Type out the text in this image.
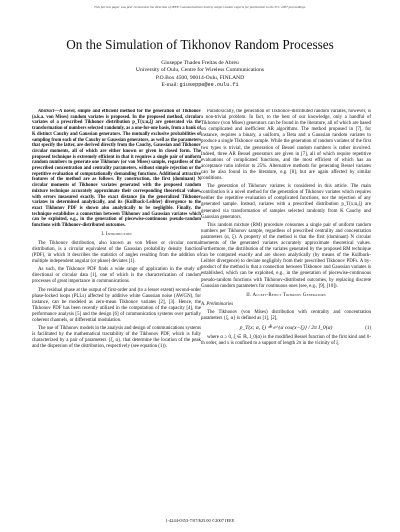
This full text paper was peer reviewed at the direction of IEEE Communications Society subject matter experts for publication in the ICC 2007 proceedings.
On the Simulation of Tikhonov Random Processes
Giuseppe Thadeu Freitas de Abreu
University of Oulu, Centre for Wireless Communications
P.O.Box 4500, 90014-Oulu, FINLAND
E-mail: giuseppe@ee.oulu.fi
Abstract—A novel, simple and efficient method for the generation of Tikhonov (a.k.a. von Mises) random variates is proposed. In the proposed method, circular variates of a prescribed Tikhonov distribution p_T(x;α,ξ) are generated via the transformation of numbers selected randomly, as a one-for-one basis, from a bank of K distinct Cauchy and Gaussian generators. The mutually exclusive probabilities of sampling from each of the Cauchy or Gaussian generators, as well as the parameters that specify the latter, are derived directly from the Cauchy, Gaussian and Tikhonov circular moments, all of which are either known or given in closed form. The proposed technique is extremely efficient in that it requires a single pair of uniform random numbers to generate one Tikhonov (or von Mises) sample, regardless of the prescribed concentration and centrality parameters, without simple rejection or the repetitive evaluation of computationally demanding functions. Additional attractive features of the method are as follows. By construction, the first (dominant) N circular moments of Tikhonov variates generated with the proposed random mixture technique accurately approximate their corresponding theoretical values, with errors measured exactly. The exact distance (in the generalized Tikhonov variates in determined analytically, and its (Kullback-Leibler) divergence to the exact Tikhonov PDF is shown also analytically to be negligible. Finally, the technique establishes a connection between Tikhonov and Gaussian variates which can be exploited, e.g., in the generation of piecewise-continuous pseudo-random functions with Tikhonov-distributed outcomes.
I. Introduction

The Tikhonov distribution, also known as von Mises or circular normal distribution, is a circular equivalent of the Gaussian probability density function (PDF), in which it describes the statistics of angles resulting from the addition of multiple independent angular (or phase) deviates [1].

As such, the Tikhonov PDF finds a wide range of application in the study of directional or circular data [1], one of which is the characterization of random processes of great importance in communications.

The residual phase at the output of first-order and (to a lesser extent) second-order phase-locked loops (PLLs) affected by additive white Gaussian noise (AWGN), for instance, can be modeled as zero-mean Tikhonov variates [2], [3]. Hence, the Tikhonov PDF has been recently utilized in the computation of the capacity [4], the performance analysis [5] and the design [6] of communication systems over partially coherent channels, or differential modulation.

The use of Tikhonov models in the analysis and design of communications systems is facilitated by the mathematical tractability of the Tikhonov PDF, which is fully characterized by a pair of parameters {ξ, α}, that determine the location of the peak and the dispersion of the distribution, respectively (see equation (1)).

Paradoxically, the generation of Tikhonov-distributed random variates, however, is a non-trivial problem. In fact, to the best of our knowledge, only a handful of Tikhonov (von Mises) generators can be found in the literature, all of which are based on complicated and inefficient AR algorithms. The method proposed in [7], for instance, requires a binary, a uniform, a Beta and a Gaussian random variates to produce a single Tikhonov sample. While the generation of random variates of the first two types is trivial, the generation of Bessel random numbers is rather involved. Indeed, three AR Bessel generators are given in [7], all of which require repetitive evaluations of complicated functions, and the most efficient of which has an acceptance ratio inferior to 25%. Alternative methods for generating Bessel variates can be also found in the literature, e.g. [8], but are again affected by similar conditions.

The generation of Tikhonov variates is considered in this article. The main contribution is a novel method for the generation of Tikhonov variates which requires neither the repetitive evaluation of complicated functions, nor the rejection of any generated sample. Instead, variates with a prescribed distribution p_T(x;α,ξ) are generated via transformation of samples selected randomly from K Cauchy and Gaussian generators.

This random mixture (RM) procedure consumes a single pair of uniform random numbers per Tikhonov sample, regardless of prescribed centrality and concentration parameters (α, ξ). A property of the method is that the first (dominant) N circular moments of the generated variates accurately approximate theoretical values. Furthermore, the distribution of the variates generated by the proposed RM technique can be computed exactly and are shown analytically (by means of the Kullback-Leibler divergence) to deviate negligibly from their prescribed Tikhonov PDFs. A by-product of the method is that a connection between Tikhonov and Gaussian variates is established, which can be exploited, e.g., in the generation of piecewise-continuous pseudo-random functions with Tikhonov-distributed outcomes, by replacing discrete Gaussian random parameters for continuous ones (see, e.g., [9], [10]).

II. Accept-Reject Tikhonov Generators
A. Preliminaries

The Tikhonov (von Mises) distribution with centrality and concentration parameters {ξ, α} is defined as [1], [2],

p_T(x; α, ξ) ≜ e^{α cos(x−ξ)} / 2π I_0(α)	(1)

where α ≥ 0, ξ ∈ ℝ, I_0(α) is the modified Bessel function of the first kind and 0-th order, and x is confined to a support of length 2π in the vicinity of ξ.

1-4244-0353-7/07/$25.00 ©2007 IEEE
